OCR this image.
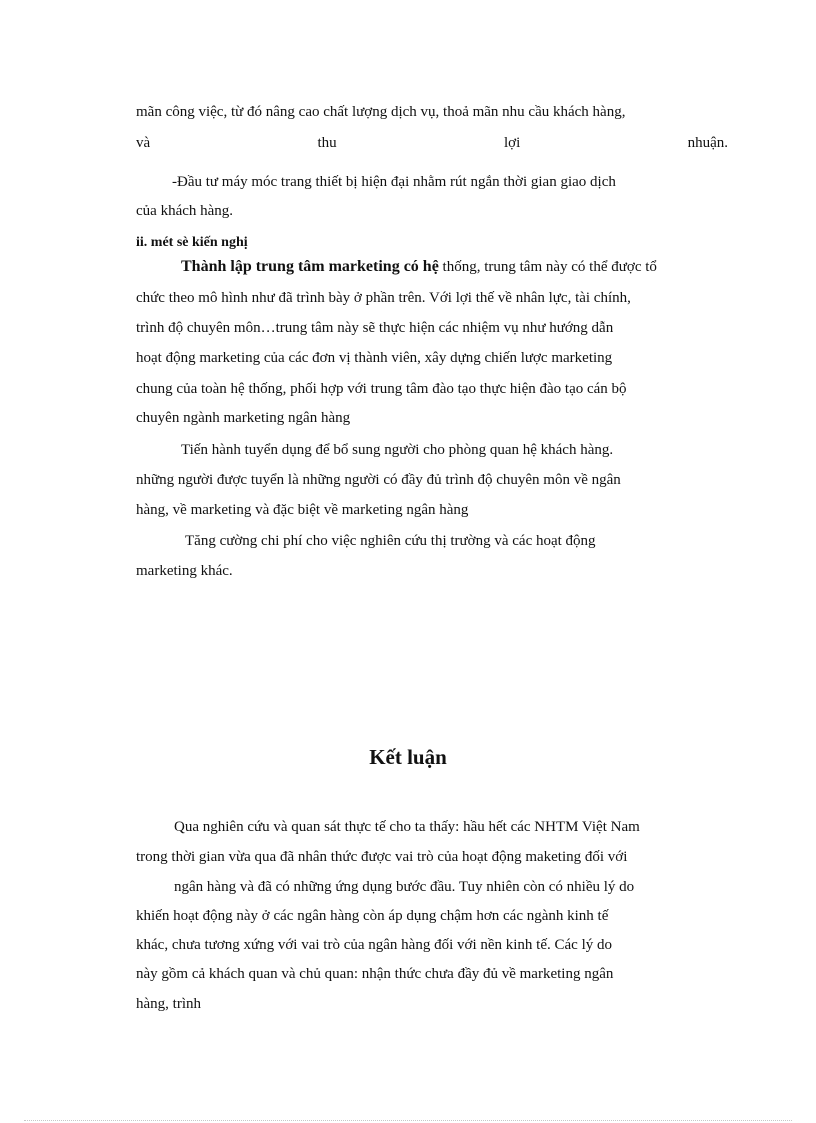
mãn công việc, từ đó nâng cao chất lượng dịch vụ, thoả mãn nhu cầu khách hàng,
và	thu	lợi	nhuận.
-Đầu tư máy móc trang thiết bị hiện đại nhằm rút ngắn thời gian giao dịch
của khách hàng.
ii. mét sè kiến nghị
Thành lập trung tâm marketing có hệ thống, trung tâm này có thể được tổ
chức theo mô hình như đã trình bày ở phần trên. Với lợi thế về nhân lực, tài chính,
trình độ chuyên môn…trung tâm này sẽ thực hiện các nhiệm vụ như hướng dẫn
hoạt động marketing của các đơn vị thành viên, xây dựng chiến lược marketing
chung của toàn hệ thống, phối hợp với trung tâm đào tạo thực hiện đào tạo cán bộ
chuyên ngành marketing ngân hàng
Tiến hành tuyển dụng để bổ sung người cho phòng quan hệ khách hàng.
những người được tuyển là những người có đầy đủ trình độ chuyên môn về ngân
hàng, về marketing và đặc biệt về marketing ngân hàng
Tăng cường chi phí cho việc nghiên cứu thị trường và các hoạt động
marketing khác.
Kết luận
Qua nghiên cứu và quan sát thực tế cho ta thấy: hầu hết các NHTM Việt Nam
trong thời gian vừa qua đã nhân thức được vai trò của hoạt động maketing đối với
ngân hàng và đã có những ứng dụng bước đầu. Tuy nhiên còn có nhiều lý do
khiến hoạt động này ở các ngân hàng còn áp dụng chậm hơn các ngành kinh tế
khác, chưa tương xứng với vai trò của ngân hàng đối với nền kinh tế. Các lý do
này gồm cả khách quan và chủ quan: nhận thức chưa đầy đủ về marketing ngân
hàng, trình
